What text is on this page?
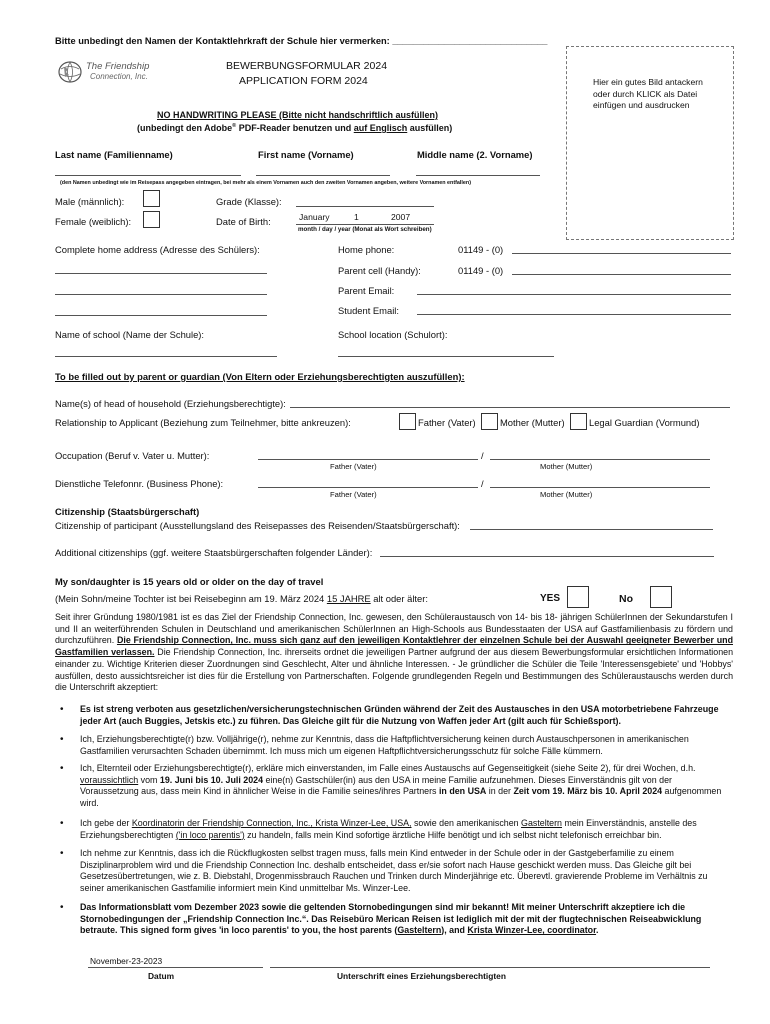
Bitte unbedingt den Namen der Kontaktlehrkraft der Schule hier vermerken: ______________________________
The Friendship
Connection, Inc.
BEWERBUNGSFORMULAR 2024
APPLICATION FORM 2024	Hier ein gutes Bild antackern oder durch KLICK als Datei einfügen und ausdrucken
NO HANDWRITING PLEASE (Bitte nicht handschriftlich ausfüllen)
(unbedingt den Adobe® PDF-Reader benutzen und auf Englisch ausfüllen)
Last name (Familienname)	First name (Vorname)	Middle name (2. Vorname)
(den Namen unbedingt wie im Reisepass angegeben eintragen, bei mehr als einem Vornamen auch den zweiten Vornamen angeben, weitere Vornamen entfallen)
Male (männlich):
Female (weiblich):
Grade (Klasse):
Date of Birth:	January	1	2007
month / day / year (Monat als Wort schreiben)
Complete home address (Adresse des Schülers):	Home phone:	01149 - (0)
Parent cell (Handy):	01149 - (0)
Parent Email:
Student Email:
Name of school (Name der Schule):	School location (Schulort):
To be filled out by parent or guardian (Von Eltern oder Erziehungsberechtigten auszufüllen):
Name(s) of head of household (Erziehungsberechtigte):
Relationship to Applicant (Beziehung zum Teilnehmer, bitte ankreuzen):	Father (Vater)	Mother (Mutter)	Legal Guardian (Vormund)
Occupation (Beruf v. Vater u. Mutter):	/
Father (Vater)	Mother (Mutter)
Dienstliche Telefonnr. (Business Phone):	/
Father (Vater)	Mother (Mutter)
Citizenship (Staatsbürgerschaft)
Citizenship of participant (Ausstellungsland des Reisepasses des Reisenden/Staatsbürgerschaft):
Additional citizenships (ggf. weitere Staatsbürgerschaften folgender Länder):
My son/daughter is 15 years old or older on the day of travel
(Mein Sohn/meine Tochter ist bei Reisebeginn am 19. März 2024 15 JAHRE alt oder älter:	YES	No
Seit ihrer Gründung 1980/1981 ist es das Ziel der Friendship Connection, Inc. gewesen, den Schüleraustausch von 14- bis 18- jährigen SchülerInnen der Sekundarstufen I und II an weiterführenden Schulen in Deutschland und amerikanischen SchülerInnen an High-Schools aus Bundesstaaten der USA auf Gastfamilienbasis zu fördern und durchzuführen. Die Friendship Connection, Inc. muss sich ganz auf den jeweiligen Kontaktlehrer der einzelnen Schule bei der Auswahl geeigneter Bewerber und Gastfamilien verlassen. Die Friendship Connection, Inc. ihrerseits ordnet die jeweiligen Partner aufgrund der aus diesem Bewerbungsformular ersichtlichen Informationen einander zu. Wichtige Kriterien dieser Zuordnungen sind Geschlecht, Alter und ähnliche Interessen. - Je gründlicher die Schüler die Teile 'Interessensgebiete' und 'Hobbys' ausfüllen, desto aussichtsreicher ist dies für die Erstellung von Partnerschaften. Folgende grundlegenden Regeln und Bestimmungen des Schüleraustauschs werden durch die Unterschrift akzeptiert:
• Es ist streng verboten aus gesetzlichen/versicherungstechnischen Gründen während der Zeit des Austausches in den USA motorbetriebene Fahrzeuge jeder Art (auch Buggies, Jetskis etc.) zu führen. Das Gleiche gilt für die Nutzung von Waffen jeder Art (gilt auch für Schießsport).
• Ich, Erziehungsberechtigte(r) bzw. Volljährige(r), nehme zur Kenntnis, dass die Haftpflichtversicherung keinen durch Austauschpersonen in amerikanischen Gastfamilien verursachten Schaden übernimmt. Ich muss mich um eigenen Haftpflichtversicherungsschutz für solche Fälle kümmern.
• Ich, Elternteil oder Erziehungsberechtigte(r), erkläre mich einverstanden, im Falle eines Austauschs auf Gegenseitigkeit (siehe Seite 2), für drei Wochen, d.h. voraussichtlich vom 19. Juni bis 10. Juli 2024 eine(n) Gastschüler(in) aus den USA in meine Familie aufzunehmen. Dieses Einverständnis gilt von der Voraussetzung aus, dass mein Kind in ähnlicher Weise in die Familie seines/ihres Partners in den USA in der Zeit vom 19. März bis 10. April 2024 aufgenommen wird.
• Ich gebe der Koordinatorin der Friendship Connection, Inc., Krista Winzer-Lee, USA, sowie den amerikanischen Gasteltern mein Einverständnis, anstelle des Erziehungsberechtigten ('in loco parentis') zu handeln, falls mein Kind sofortige ärztliche Hilfe benötigt und ich selbst nicht telefonisch erreichbar bin.
• Ich nehme zur Kenntnis, dass ich die Rückflugkosten selbst tragen muss, falls mein Kind entweder in der Schule oder in der Gastgeberfamilie zu einem Disziplinarproblem wird und die Friendship Connection Inc. deshalb entscheidet, dass er/sie sofort nach Hause geschickt werden muss. Das Gleiche gilt bei Gesetzesübertretungen, wie z. B. Diebstahl, Drogenmissbrauch Rauchen und Trinken durch Minderjährige etc. Überevtl. gravierende Probleme im Verhältnis zu seiner amerikanischen Gastfamilie informiert mein Kind unmittelbar Ms. Winzer-Lee.
• Das Informationsblatt vom Dezember 2023 sowie die geltenden Stornobedingungen sind mir bekannt! Mit meiner Unterschrift akzeptiere ich die Stornobedingungen der „Friendship Connection Inc.“. Das Reisebüro Merican Reisen ist lediglich mit der mit der flugtechnischen Reiseabwicklung betraute. This signed form gives 'in loco parentis' to you, the host parents (Gasteltern), and Krista Winzer-Lee, coordinator.
November-23-2023
Datum	Unterschrift eines Erziehungsberechtigten
